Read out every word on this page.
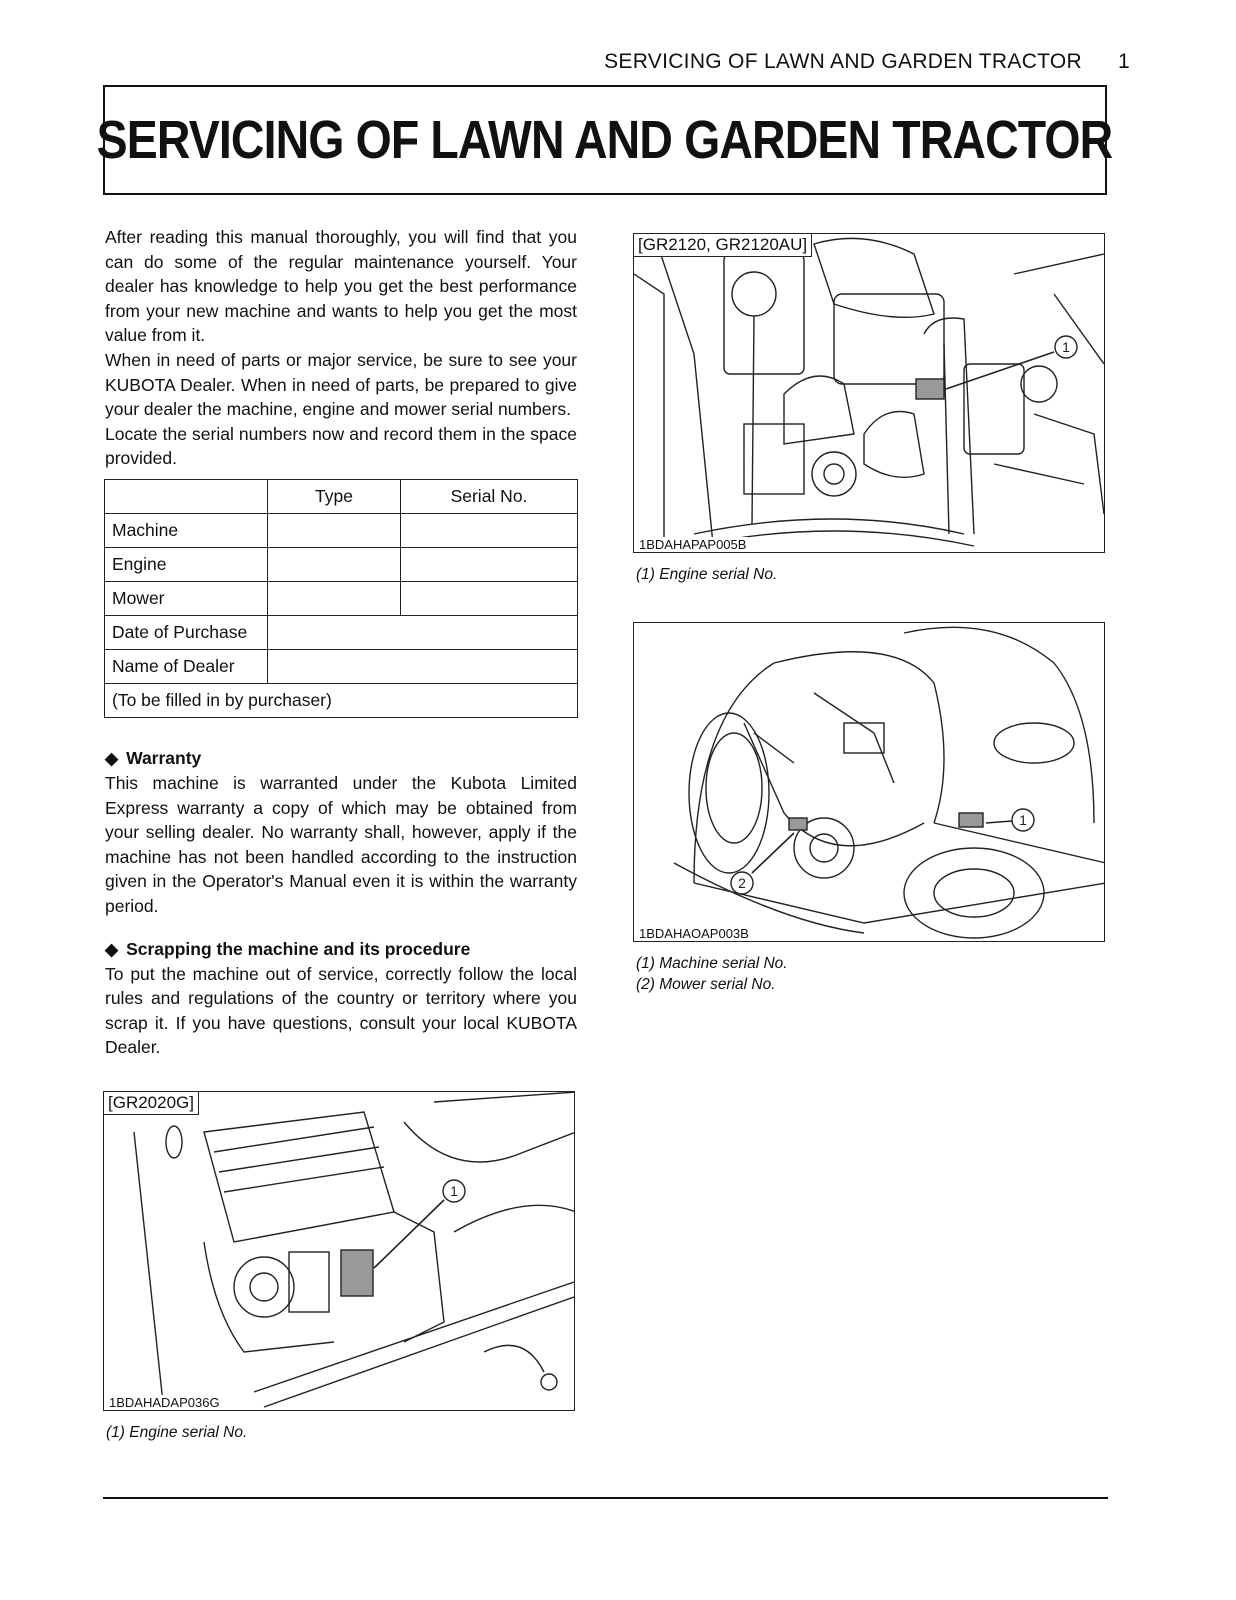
SERVICING OF LAWN AND GARDEN TRACTOR 1
SERVICING OF LAWN AND GARDEN TRACTOR

After reading this manual thoroughly, you will find that you can do some of the regular maintenance yourself. Your dealer has knowledge to help you get the best performance from your new machine and wants to help you get the most value from it.

When in need of parts or major service, be sure to see your KUBOTA Dealer. When in need of parts, be prepared to give your dealer the machine, engine and mower serial numbers.

Locate the serial numbers now and record them in the space provided.

	Type	Serial No.
Machine		
Engine		
Mower		
Date of Purchase		
Name of Dealer		
(To be filled in by purchaser)		

◆ Warranty

This machine is warranted under the Kubota Limited Express warranty a copy of which may be obtained from your selling dealer. No warranty shall, however, apply if the machine has not been handled according to the instruction given in the Operator's Manual even it is within the warranty period.

◆ Scrapping the machine and its procedure

To put the machine out of service, correctly follow the local rules and regulations of the country or territory where you scrap it. If you have questions, consult your local KUBOTA Dealer.

1
[GR2120, GR2120AU]
1BDAHAPAP005B
(1) Engine serial No.
1
2
1BDAHAOAP003B
(1) Machine serial No.
(2) Mower serial No.
1
[GR2020G]
1BDAHADAP036G
(1) Engine serial No.
